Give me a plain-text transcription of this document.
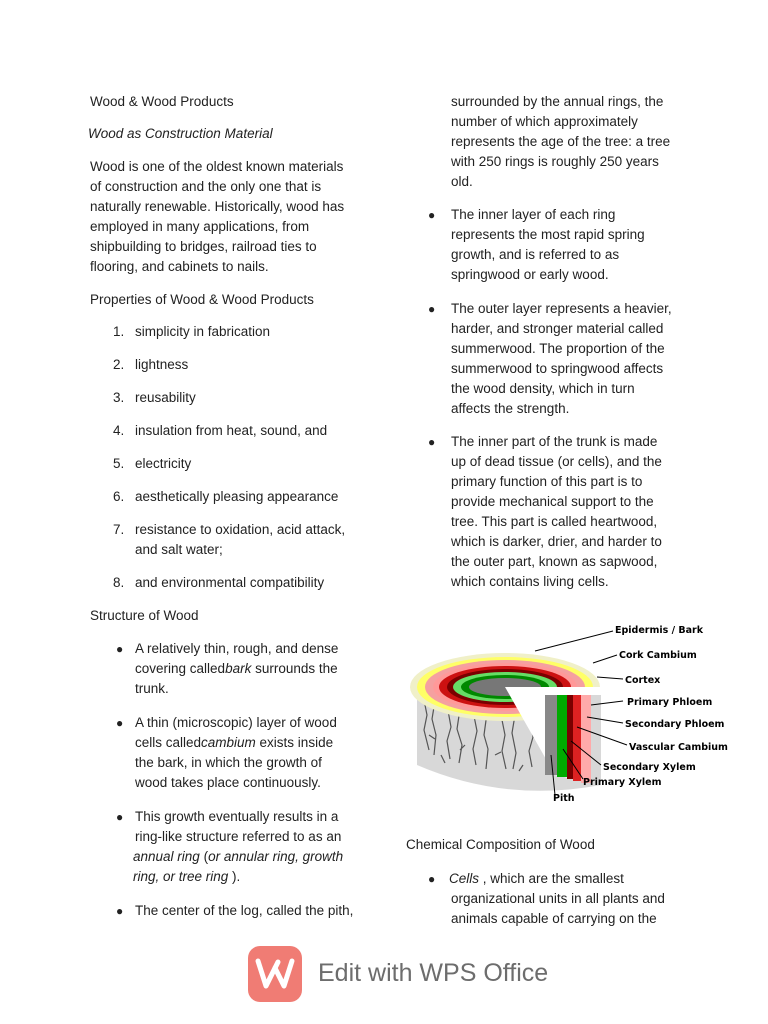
Wood & Wood Products
Wood as Construction Material
Wood is one of the oldest known materials
of construction and the only one that is
naturally renewable. Historically, wood has
employed in many applications, from
shipbuilding to bridges, railroad ties to
flooring, and cabinets to nails.
Properties of Wood & Wood Products
1. simplicity in fabrication
2. lightness
3. reusability
4. insulation from heat, sound, and
5. electricity
6. aesthetically pleasing appearance
7. resistance to oxidation, acid attack,
and salt water;
8. and environmental compatibility
Structure of Wood
● A relatively thin, rough, and dense
covering calledbark surrounds the
trunk.
● A thin (microscopic) layer of wood
cells calledcambium exists inside
the bark, in which the growth of
wood takes place continuously.
● This growth eventually results in a
ring-like structure referred to as an
annual ring (or annular ring, growth
ring, or tree ring ).
● The center of the log, called the pith,
surrounded by the annual rings, the
number of which approximately
represents the age of the tree: a tree
with 250 rings is roughly 250 years
old.
● The inner layer of each ring
represents the most rapid spring
growth, and is referred to as
springwood or early wood.
● The outer layer represents a heavier,
harder, and stronger material called
summerwood. The proportion of the
summerwood to springwood affects
the wood density, which in turn
affects the strength.
● The inner part of the trunk is made
up of dead tissue (or cells), and the
primary function of this part is to
provide mechanical support to the
tree. This part is called heartwood,
which is darker, drier, and harder to
the outer part, known as sapwood,
which contains living cells.
Epidermis / Bark
Cork Cambium
Cortex
Primary Phloem
Secondary Phloem
Vascular Cambium
Secondary Xylem
Primary Xylem
Pith
Chemical Composition of Wood
● Cells , which are the smallest
organizational units in all plants and
animals capable of carrying on the
Edit with WPS Office
